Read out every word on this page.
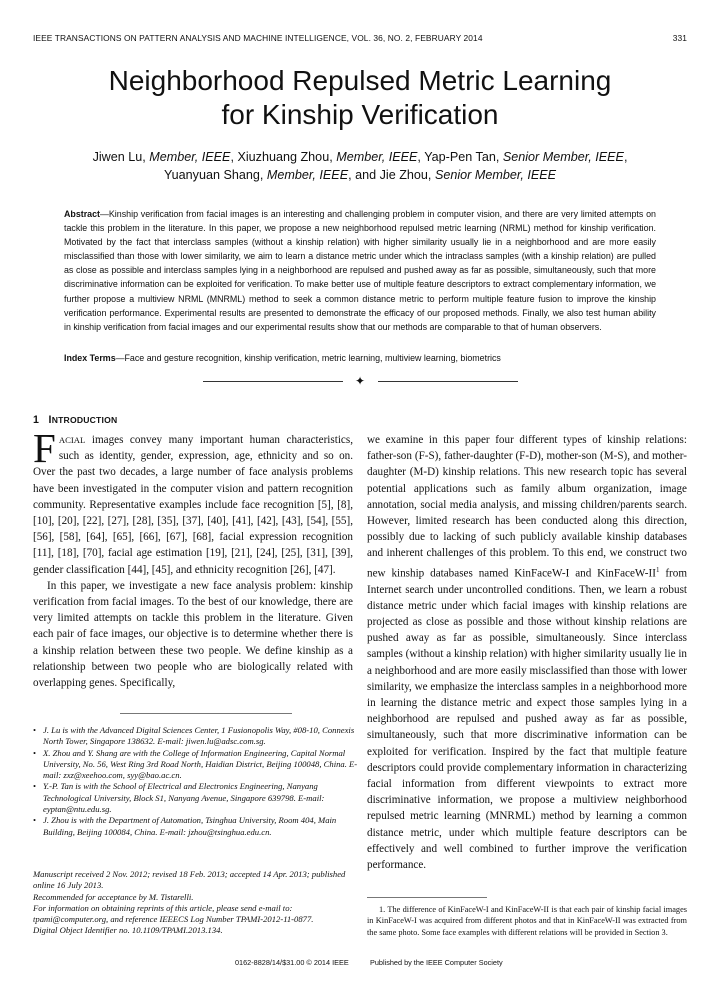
IEEE TRANSACTIONS ON PATTERN ANALYSIS AND MACHINE INTELLIGENCE, VOL. 36, NO. 2, FEBRUARY 2014	331
Neighborhood Repulsed Metric Learning
for Kinship Verification
Jiwen Lu, Member, IEEE, Xiuzhuang Zhou, Member, IEEE, Yap-Pen Tan, Senior Member, IEEE,
Yuanyuan Shang, Member, IEEE, and Jie Zhou, Senior Member, IEEE
Abstract—Kinship verification from facial images is an interesting and challenging problem in computer vision, and there are very limited attempts on tackle this problem in the literature. In this paper, we propose a new neighborhood repulsed metric learning (NRML) method for kinship verification. Motivated by the fact that interclass samples (without a kinship relation) with higher similarity usually lie in a neighborhood and are more easily misclassified than those with lower similarity, we aim to learn a distance metric under which the intraclass samples (with a kinship relation) are pulled as close as possible and interclass samples lying in a neighborhood are repulsed and pushed away as far as possible, simultaneously, such that more discriminative information can be exploited for verification. To make better use of multiple feature descriptors to extract complementary information, we further propose a multiview NRML (MNRML) method to seek a common distance metric to perform multiple feature fusion to improve the kinship verification performance. Experimental results are presented to demonstrate the efficacy of our proposed methods. Finally, we also test human ability in kinship verification from facial images and our experimental results show that our methods are comparable to that of human observers.
Index Terms—Face and gesture recognition, kinship verification, metric learning, multiview learning, biometrics
✦
1 INTRODUCTION

FACIAL images convey many important human characteristics, such as identity, gender, expression, age, ethnicity and so on. Over the past two decades, a large number of face analysis problems have been investigated in the computer vision and pattern recognition community. Representative examples include face recognition [5], [8], [10], [20], [22], [27], [28], [35], [37], [40], [41], [42], [43], [54], [55], [56], [58], [64], [65], [66], [67], [68], facial expression recognition [11], [18], [70], facial age estimation [19], [21], [24], [25], [31], [39], gender classification [44], [45], and ethnicity recognition [26], [47].

In this paper, we investigate a new face analysis problem: kinship verification from facial images. To the best of our knowledge, there are very limited attempts on tackle this problem in the literature. Given each pair of face images, our objective is to determine whether there is a kinship relation between these two people. We define kinship as a relationship between two people who are biologically related with overlapping genes. Specifically,

we examine in this paper four different types of kinship relations: father-son (F-S), father-daughter (F-D), mother-son (M-S), and mother-daughter (M-D) kinship relations. This new research topic has several potential applications such as family album organization, image annotation, social media analysis, and missing children/parents search. However, limited research has been conducted along this direction, possibly due to lacking of such publicly available kinship databases and inherent challenges of this problem. To this end, we construct two new kinship databases named KinFaceW-I and KinFaceW-$II^1$ from Internet search under uncontrolled conditions. Then, we learn a robust distance metric under which facial images with kinship relations are projected as close as possible and those without kinship relations are pushed away as far as possible, simultaneously. Since interclass samples (without a kinship relation) with higher similarity usually lie in a neighborhood and are more easily misclassified than those with lower similarity, we emphasize the interclass samples in a neighborhood more in learning the distance metric and expect those samples lying in a neighborhood are repulsed and pushed away as far as possible, simultaneously, such that more discriminative information can be exploited for verification. Inspired by the fact that multiple feature descriptors could provide complementary information in characterizing facial information from different viewpoints to extract more discriminative information, we propose a multiview neighborhood repulsed metric learning (MNRML) method by learning a common distance metric, under which multiple feature descriptors can be effectively and well combined to further improve the verification performance.

• J. Lu is with the Advanced Digital Sciences Center, 1 Fusionopolis Way, #08-10, Connexis North Tower, Singapore 138632. E-mail: jiwen.lu@adsc.com.sg.
• X. Zhou and Y. Shang are with the College of Information Engineering, Capital Normal University, No. 56, West Ring 3rd Road North, Haidian District, Beijing 100048, China. E-mail: zxz@xeehoo.com, syy@bao.ac.cn.
• Y.-P. Tan is with the School of Electrical and Electronics Engineering, Nanyang Technological University, Block S1, Nanyang Avenue, Singapore 639798. E-mail: eyptan@ntu.edu.sg.
• J. Zhou is with the Department of Automation, Tsinghua University, Room 404, Main Building, Beijing 100084, China. E-mail: jzhou@tsinghua.edu.cn.
Manuscript received 2 Nov. 2012; revised 18 Feb. 2013; accepted 14 Apr. 2013; published online 16 July 2013.
Recommended for acceptance by M. Tistarelli.
For information on obtaining reprints of this article, please send e-mail to: tpami@computer.org, and reference IEEECS Log Number TPAMI-2012-11-0877.
Digital Object Identifier no. 10.1109/TPAMI.2013.134.
1. The difference of KinFaceW-I and KinFaceW-II is that each pair of kinship facial images in KinFaceW-I was acquired from different photos and that in KinFaceW-II was extracted from the same photo. Some face examples with different relations will be provided in Section 3.
0162-8828/14/$31.00 © 2014 IEEE	Published by the IEEE Computer Society
